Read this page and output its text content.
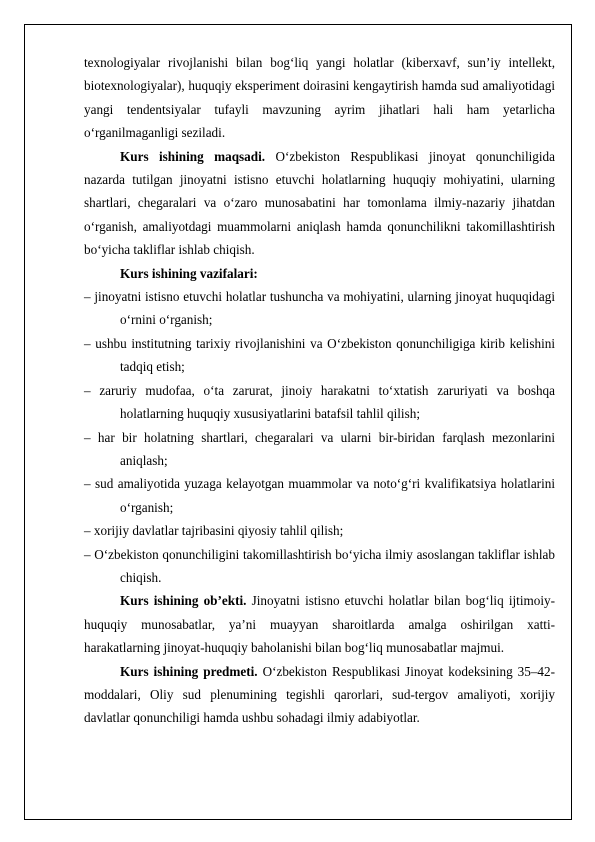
texnologiyalar rivojlanishi bilan bog‘liq yangi holatlar (kiberxavf, sun’iy intellekt, biotexnologiyalar), huquqiy eksperiment doirasini kengaytirish hamda sud amaliyotidagi yangi tendentsiyalar tufayli mavzuning ayrim jihatlari hali ham yetarlicha o‘rganilmaganligi seziladi.

Kurs ishining maqsadi. O‘zbekiston Respublikasi jinoyat qonunchiligida nazarda tutilgan jinoyatni istisno etuvchi holatlarning huquqiy mohiyatini, ularning shartlari, chegaralari va o‘zaro munosabatini har tomonlama ilmiy-nazariy jihatdan o‘rganish, amaliyotdagi muammolarni aniqlash hamda qonunchilikni takomillashtirish bo‘yicha takliflar ishlab chiqish.

Kurs ishining vazifalari:

– jinoyatni istisno etuvchi holatlar tushuncha va mohiyatini, ularning jinoyat huquqidagi o‘rnini o‘rganish;

– ushbu institutning tarixiy rivojlanishini va O‘zbekiston qonunchiligiga kirib kelishini tadqiq etish;

– zaruriy mudofaa, o‘ta zarurat, jinoiy harakatni to‘xtatish zaruriyati va boshqa holatlarning huquqiy xususiyatlarini batafsil tahlil qilish;

– har bir holatning shartlari, chegaralari va ularni bir-biridan farqlash mezonlarini aniqlash;

– sud amaliyotida yuzaga kelayotgan muammolar va noto‘g‘ri kvalifikatsiya holatlarini o‘rganish;

– xorijiy davlatlar tajribasini qiyosiy tahlil qilish;

– O‘zbekiston qonunchiligini takomillashtirish bo‘yicha ilmiy asoslangan takliflar ishlab chiqish.

Kurs ishining ob’ekti. Jinoyatni istisno etuvchi holatlar bilan bog‘liq ijtimoiy-huquqiy munosabatlar, ya’ni muayyan sharoitlarda amalga oshirilgan xatti-harakatlarning jinoyat-huquqiy baholanishi bilan bog‘liq munosabatlar majmui.

Kurs ishining predmeti. O‘zbekiston Respublikasi Jinoyat kodeksining 35–42-moddalari, Oliy sud plenumining tegishli qarorlari, sud-tergov amaliyoti, xorijiy davlatlar qonunchiligi hamda ushbu sohadagi ilmiy adabiyotlar.
